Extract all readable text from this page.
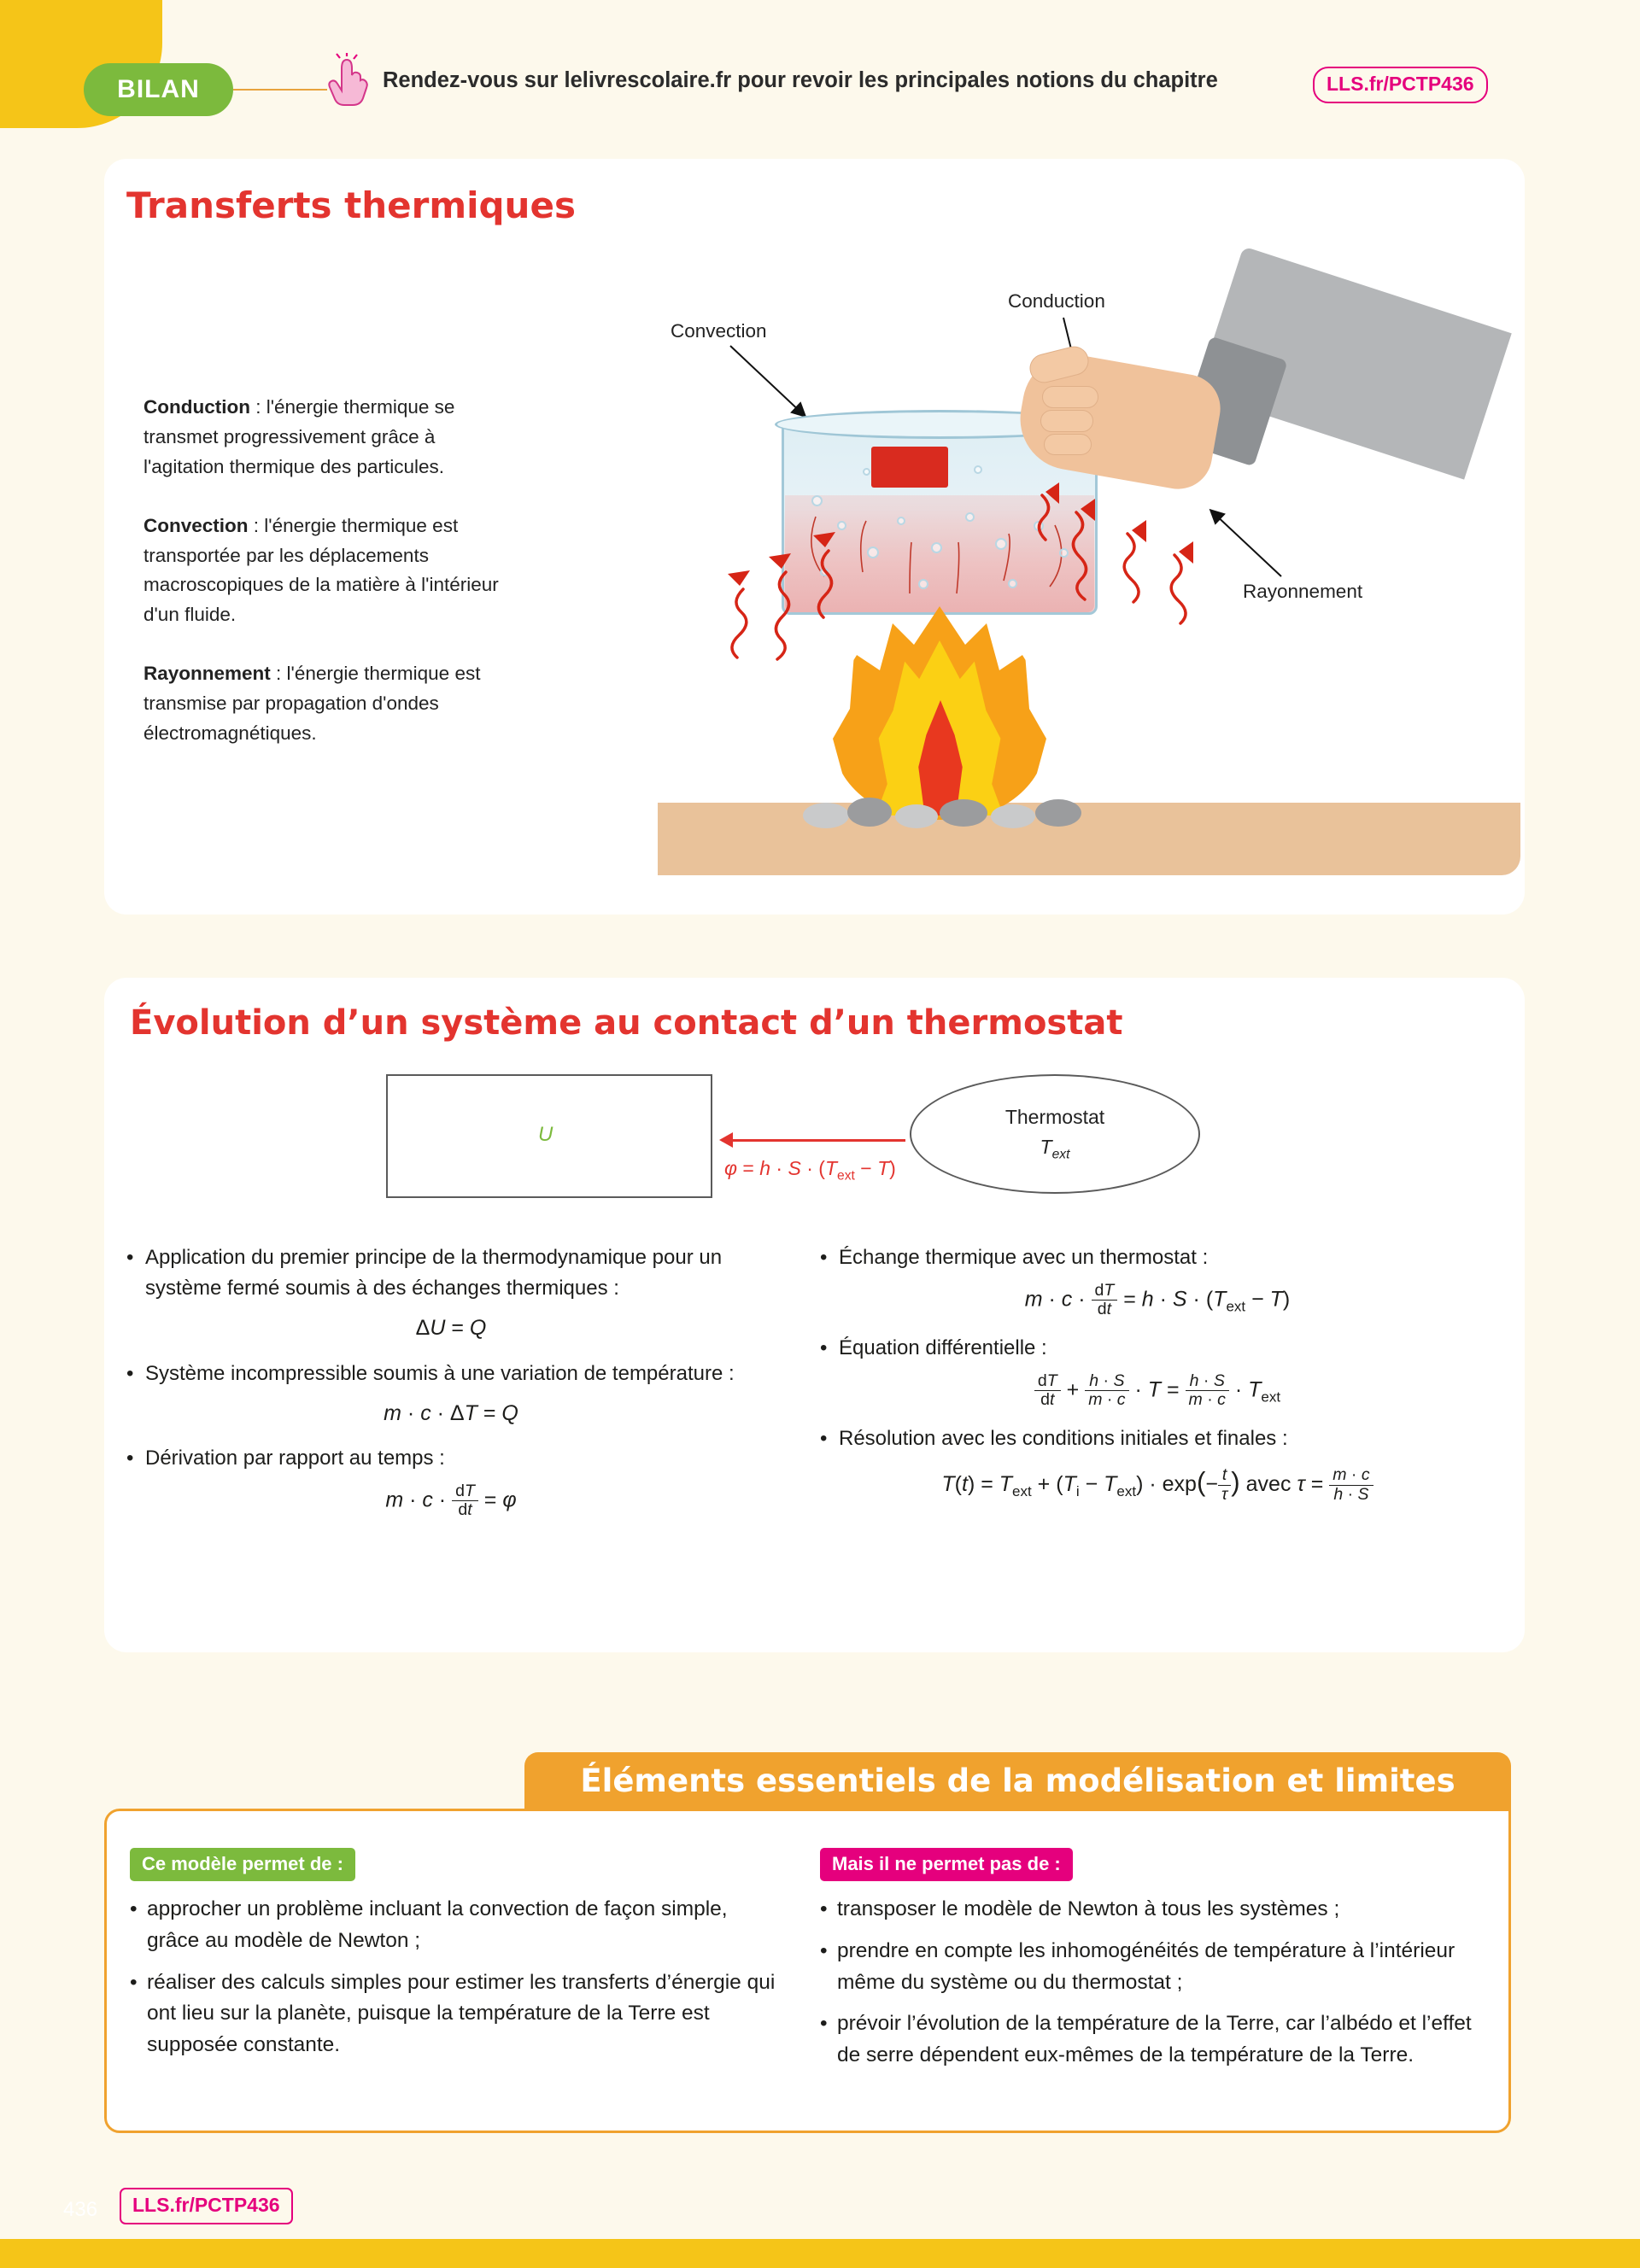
BILAN	Rendez-vous sur lelivrescolaire.fr pour revoir les principales notions du chapitre	LLS.fr/PCTP436
Transferts thermiques

Conduction : l'énergie thermique se transmet progressivement grâce à l'agitation thermique des particules.

Convection : l'énergie thermique est transportée par les déplacements macroscopiques de la matière à l'intérieur d'un fluide.

Rayonnement : l'énergie thermique est transmise par propagation d'ondes électromagnétiques.

Convection
Conduction
Rayonnement
Évolution d’un système au contact d’un thermostat
U
Thermostat
$T_{ext}$
$\varphi = h \cdot S \cdot (T_{ext} - T)$
• Application du premier principe de la thermodynamique pour un système fermé soumis à des échanges thermiques :
ΔU = Q
• Système incompressible soumis à une variation de température :
m · c · ΔT = Q
• Dérivation par rapport au temps :
$m \cdot c \cdot \frac{dT}{dt} = \varphi$
• Échange thermique avec un thermostat :
$m \cdot c \cdot \frac{dT}{dt} = h \cdot S \cdot (T_{ext} - T)$
• Équation différentielle :
$\frac{dT}{dt} + \frac{h \cdot S}{m \cdot c} \cdot T = \frac{h \cdot S}{m \cdot c} \cdot T_{ext}$
• Résolution avec les conditions initiales et finales :
$T(t) = T_{ext} + (T_i - T_{ext}) \cdot \exp(- \frac{t}{\tau}$ ) avec $\tau = \frac{m \cdot c}{h \cdot S}$
Éléments essentiels de la modélisation et limites
Ce modèle permet de :	Mais il ne permet pas de :
• approcher un problème incluant la convection de façon simple, grâce au modèle de Newton ;
• réaliser des calculs simples pour estimer les transferts d’énergie qui ont lieu sur la planète, puisque la température de la Terre est supposée constante.
• transposer le modèle de Newton à tous les systèmes ;
• prendre en compte les inhomogénéités de température à l’intérieur même du système ou du thermostat ;
• prévoir l’évolution de la température de la Terre, car l’albédo et l’effet de serre dépendent eux-mêmes de la température de la Terre.
436	LLS.fr/PCTP436
